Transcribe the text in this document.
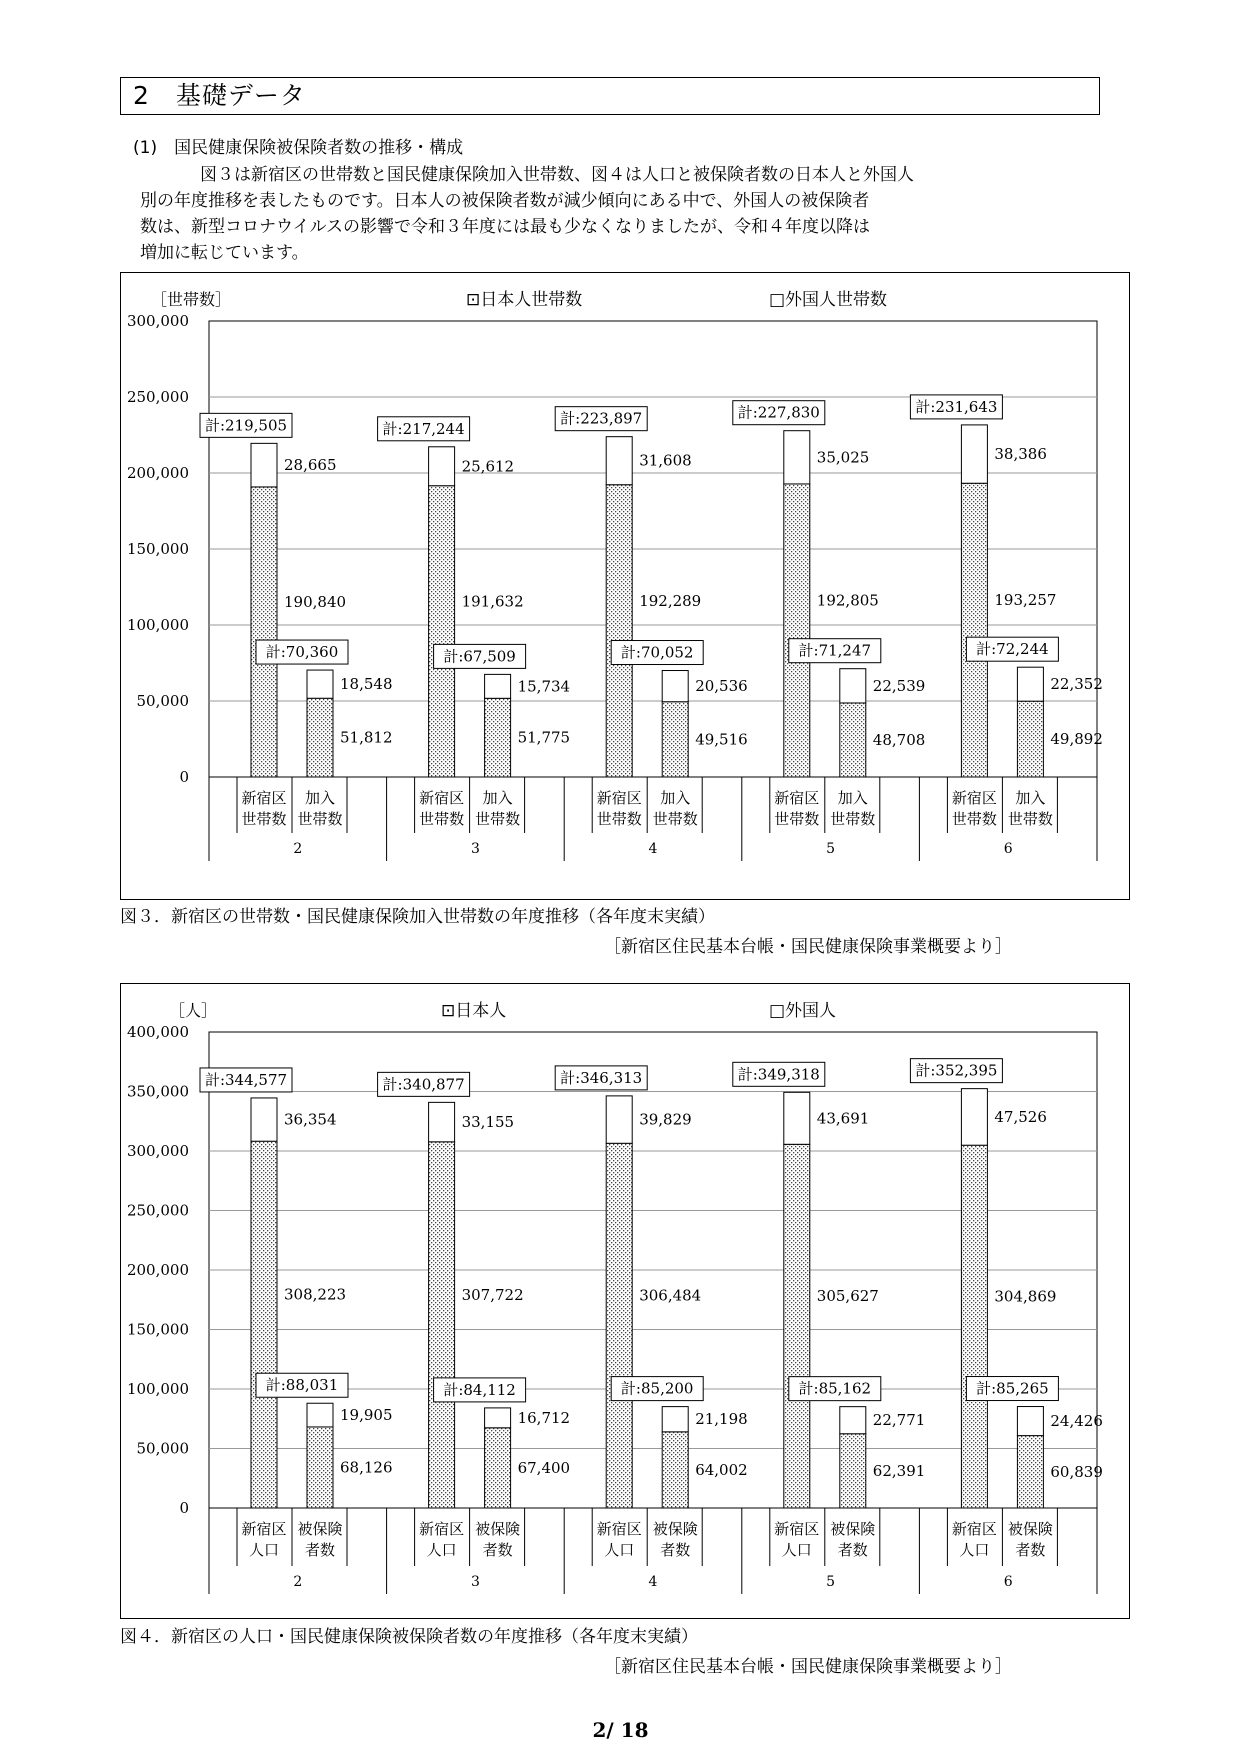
2　基礎データ
(1)　国民健康保険被保険者数の推移・構成
図３は新宿区の世帯数と国民健康保険加入世帯数、図４は人口と被保険者数の日本人と外国人
別の年度推移を表したものです。日本人の被保険者数が減少傾向にある中で、外国人の被保険者
数は、新型コロナウイルスの影響で令和３年度には最も少なくなりましたが、令和４年度以降は
増加に転じています。
0
50,000
100,000
150,000
200,000
250,000
300,000
［世帯数］	⊡日本人世帯数	□外国人世帯数
2
新宿区
世帯数
加入
世帯数
3
新宿区
世帯数
加入
世帯数
4
新宿区
世帯数
加入
世帯数
5
新宿区
世帯数
加入
世帯数
6
新宿区
世帯数
加入
世帯数
28,665
190,840
計:219,505
18,548
51,812
計:70,360
25,612
191,632
計:217,244
15,734
51,775
計:67,509
31,608
192,289
計:223,897
20,536
49,516
計:70,052
35,025
192,805
計:227,830
22,539
48,708
計:71,247
38,386
193,257
計:231,643
22,352
49,892
計:72,244
図３．新宿区の世帯数・国民健康保険加入世帯数の年度推移（各年度末実績）
［新宿区住民基本台帳・国民健康保険事業概要より］
0
50,000
100,000
150,000
200,000
250,000
300,000
350,000
400,000
［人］	⊡日本人	□外国人
2
新宿区
人口
被保険
者数
3
新宿区
人口
被保険
者数
4
新宿区
人口
被保険
者数
5
新宿区
人口
被保険
者数
6
新宿区
人口
被保険
者数
36,354
308,223
計:344,577
19,905
68,126
計:88,031
33,155
307,722
計:340,877
16,712
67,400
計:84,112
39,829
306,484
計:346,313
21,198
64,002
計:85,200
43,691
305,627
計:349,318
22,771
62,391
計:85,162
47,526
304,869
計:352,395
24,426
60,839
計:85,265
図４．新宿区の人口・国民健康保険被保険者数の年度推移（各年度末実績）
［新宿区住民基本台帳・国民健康保険事業概要より］
2/ 18
